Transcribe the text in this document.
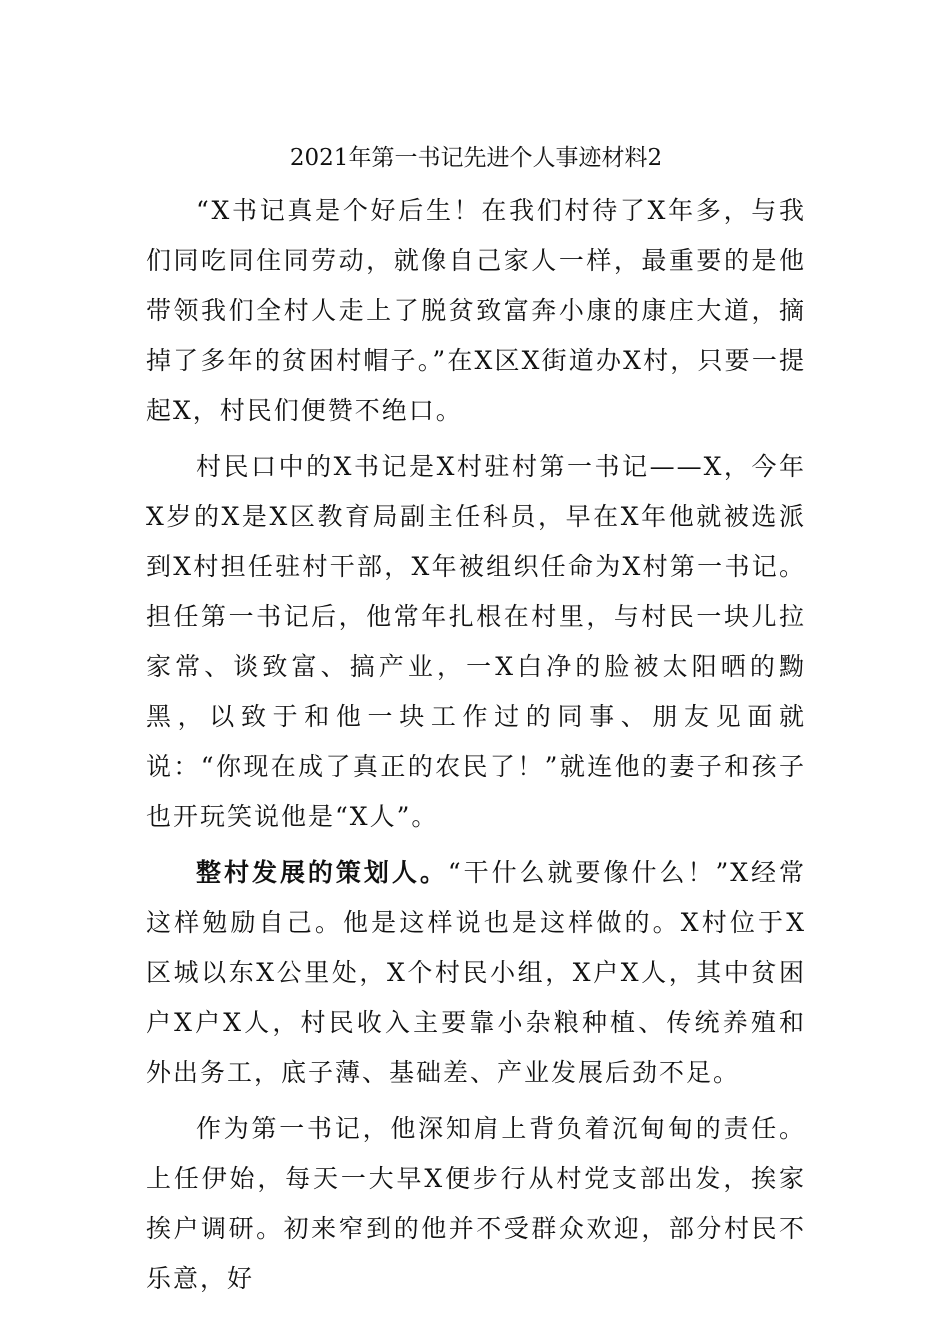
2021年第一书记先进个人事迹材料2

“X书记真是个好后生！在我们村待了X年多，与我们同吃同住同劳动，就像自己家人一样，最重要的是他带领我们全村人走上了脱贫致富奔小康的康庄大道，摘掉了多年的贫困村帽子。”在X区X街道办X村，只要一提起X，村民们便赞不绝口。

村民口中的X书记是X村驻村第一书记——X，今年X岁的X是X区教育局副主任科员，早在X年他就被选派到X村担任驻村干部，X年被组织任命为X村第一书记。担任第一书记后，他常年扎根在村里，与村民一块儿拉家常、谈致富、搞产业，一X白净的脸被太阳晒的黝黑，以致于和他一块工作过的同事、朋友见面就说：“你现在成了真正的农民了！”就连他的妻子和孩子也开玩笑说他是“X人”。

整村发展的策划人。“干什么就要像什么！”X经常这样勉励自己。他是这样说也是这样做的。X村位于X区城以东X公里处，X个村民小组，X户X人，其中贫困户X户X人，村民收入主要靠小杂粮种植、传统养殖和外出务工，底子薄、基础差、产业发展后劲不足。

作为第一书记，他深知肩上背负着沉甸甸的责任。上任伊始，每天一大早X便步行从村党支部出发，挨家挨户调研。初来窄到的他并不受群众欢迎，部分村民不乐意，好
